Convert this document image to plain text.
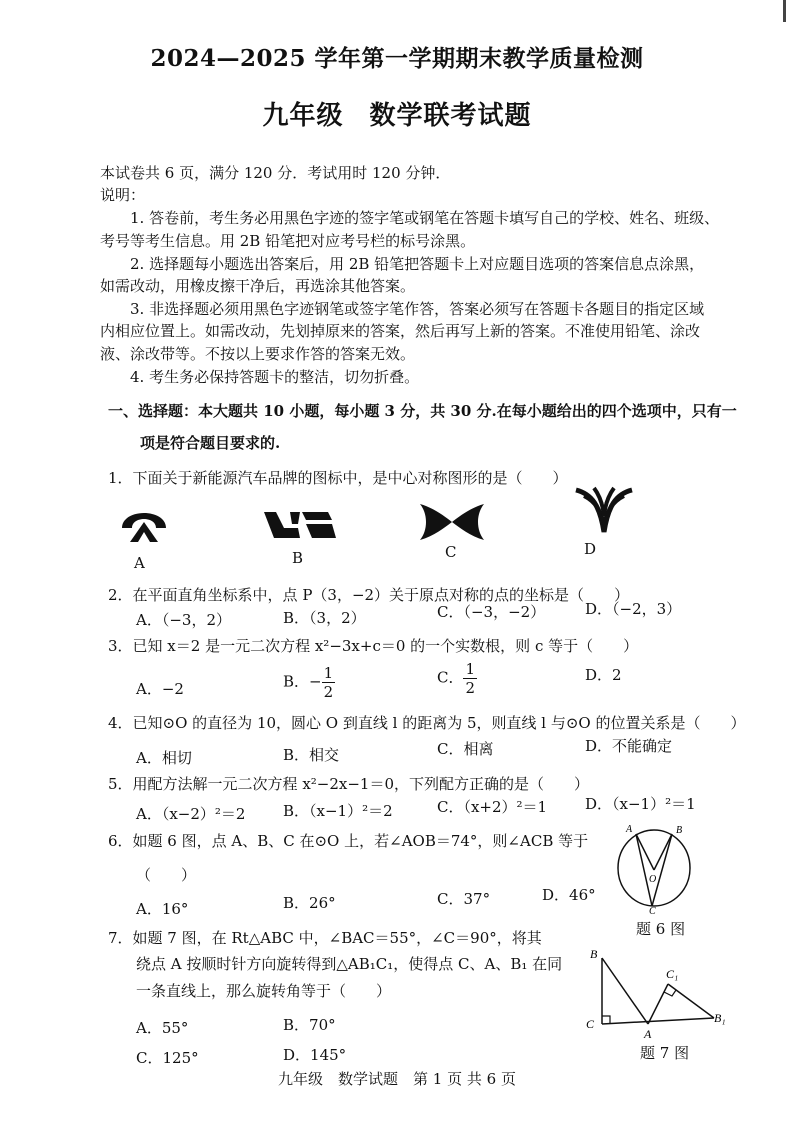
2024—2025 学年第一学期期末教学质量检测
九年级 数学联考试题
本试卷共 6 页，满分 120 分．考试用时 120 分钟．
说明：
1. 答卷前，考生务必用黑色字迹的签字笔或钢笔在答题卡填写自己的学校、姓名、班级、
考号等考生信息。用 2B 铅笔把对应考号栏的标号涂黑。
2. 选择题每小题选出答案后，用 2B 铅笔把答题卡上对应题目选项的答案信息点涂黑，
如需改动，用橡皮擦干净后，再选涂其他答案。
3. 非选择题必须用黑色字迹钢笔或签字笔作答，答案必须写在答题卡各题目的指定区域
内相应位置上。如需改动，先划掉原来的答案，然后再写上新的答案。不准使用铅笔、涂改
液、涂改带等。不按以上要求作答的答案无效。
4. 考生务必保持答题卡的整洁，切勿折叠。
一、选择题：本大题共 10 小题，每小题 3 分，共 30 分.在每小题给出的四个选项中，只有一
项是符合题目要求的.
1．下面关于新能源汽车品牌的图标中，是中心对称图形的是（　　）
A	B	C	D
2．在平面直角坐标系中，点 P（3，−2）关于原点对称的点的坐标是（　　）
A．（−3，2）	B．（3，2）	C．（−3，−2）	D．（−2，3）
3．已知 x＝2 是一元二次方程 x²−3x+c＝0 的一个实数根，则 c 等于（　　）
A．−2	B．− $\frac{1}{2}$	C． $\frac{1}{2}$	D．2
4．已知⊙O 的直径为 10，圆心 O 到直线 l 的距离为 5，则直线 l 与⊙O 的位置关系是（　　）
A．相切	B．相交	C．相离	D．不能确定
5．用配方法解一元二次方程 x²−2x−1＝0，下列配方正确的是（　　）
A．（x−2）²＝2	B．（x−1）²＝2	C．（x+2）²＝1	D．（x−1）²＝1
6．如题 6 图，点 A、B、C 在⊙O 上，若∠AOB＝74°，则∠ACB 等于
（　　）
A．16°	B．26°	C．37°	D．46°
A	B
O
C
题 6 图
7．如题 7 图，在 Rt△ABC 中，∠BAC＝55°，∠C＝90°，将其
绕点 A 按顺时针方向旋转得到△AB₁C₁，使得点 C、A、B₁ 在同
一条直线上，那么旋转角等于（　　）
A．55°	B．70°
C．125°	D．145°
B
C
A
C₁
B₁
题 7 图
九年级　数学试题　第 1 页 共 6 页
